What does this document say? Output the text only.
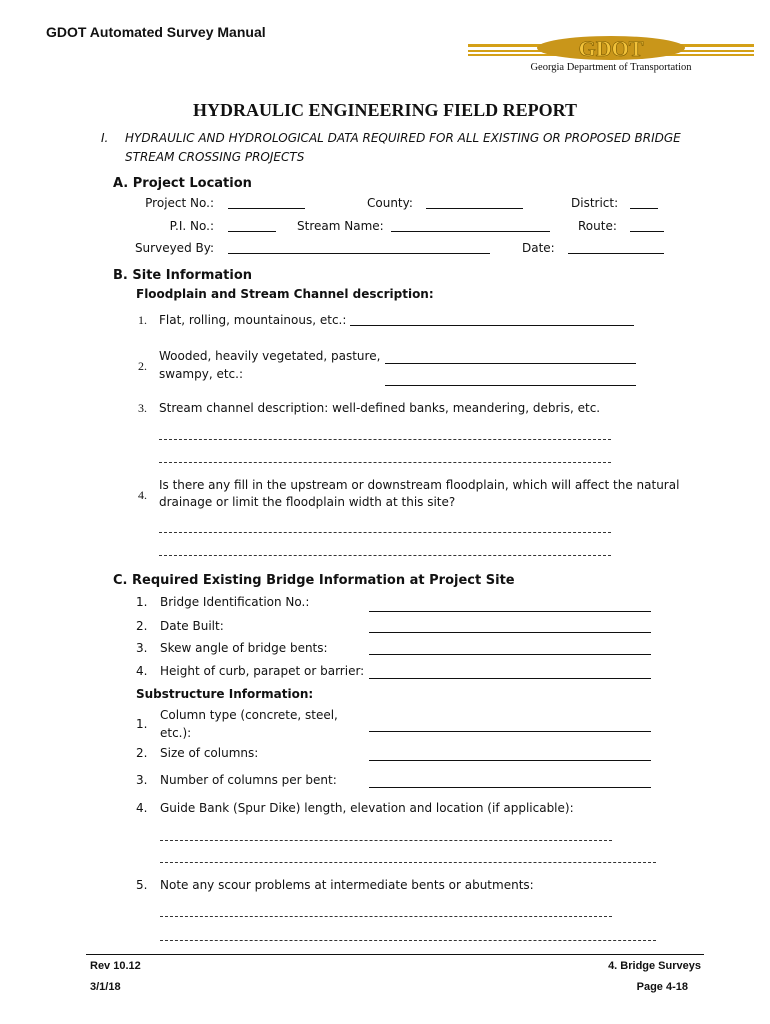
GDOT Automated Survey Manual
GDOT
Georgia Department of Transportation
HYDRAULIC ENGINEERING FIELD REPORT
I. HYDRAULIC AND HYDROLOGICAL DATA REQUIRED FOR ALL EXISTING OR PROPOSED BRIDGE
STREAM CROSSING PROJECTS
A. Project Location
Project No.:	County:	District:
P.I. No.:	Stream Name:	Route:
Surveyed By:	Date:
B. Site Information
Floodplain and Stream Channel description:
1. Flat, rolling, mountainous, etc.:
2.
Wooded, heavily vegetated, pasture,
swampy, etc.:
3. Stream channel description: well-defined banks, meandering, debris, etc.
4.
Is there any fill in the upstream or downstream floodplain, which will affect the natural
drainage or limit the floodplain width at this site?
C. Required Existing Bridge Information at Project Site
1. Bridge Identification No.:
2. Date Built:
3. Skew angle of bridge bents:
4. Height of curb, parapet or barrier:
Substructure Information:
1.
Column type (concrete, steel,
etc.):
2. Size of columns:
3. Number of columns per bent:
4. Guide Bank (Spur Dike) length, elevation and location (if applicable):
5. Note any scour problems at intermediate bents or abutments:
Rev 10.12
3/1/18
4. Bridge Surveys
Page 4-18
